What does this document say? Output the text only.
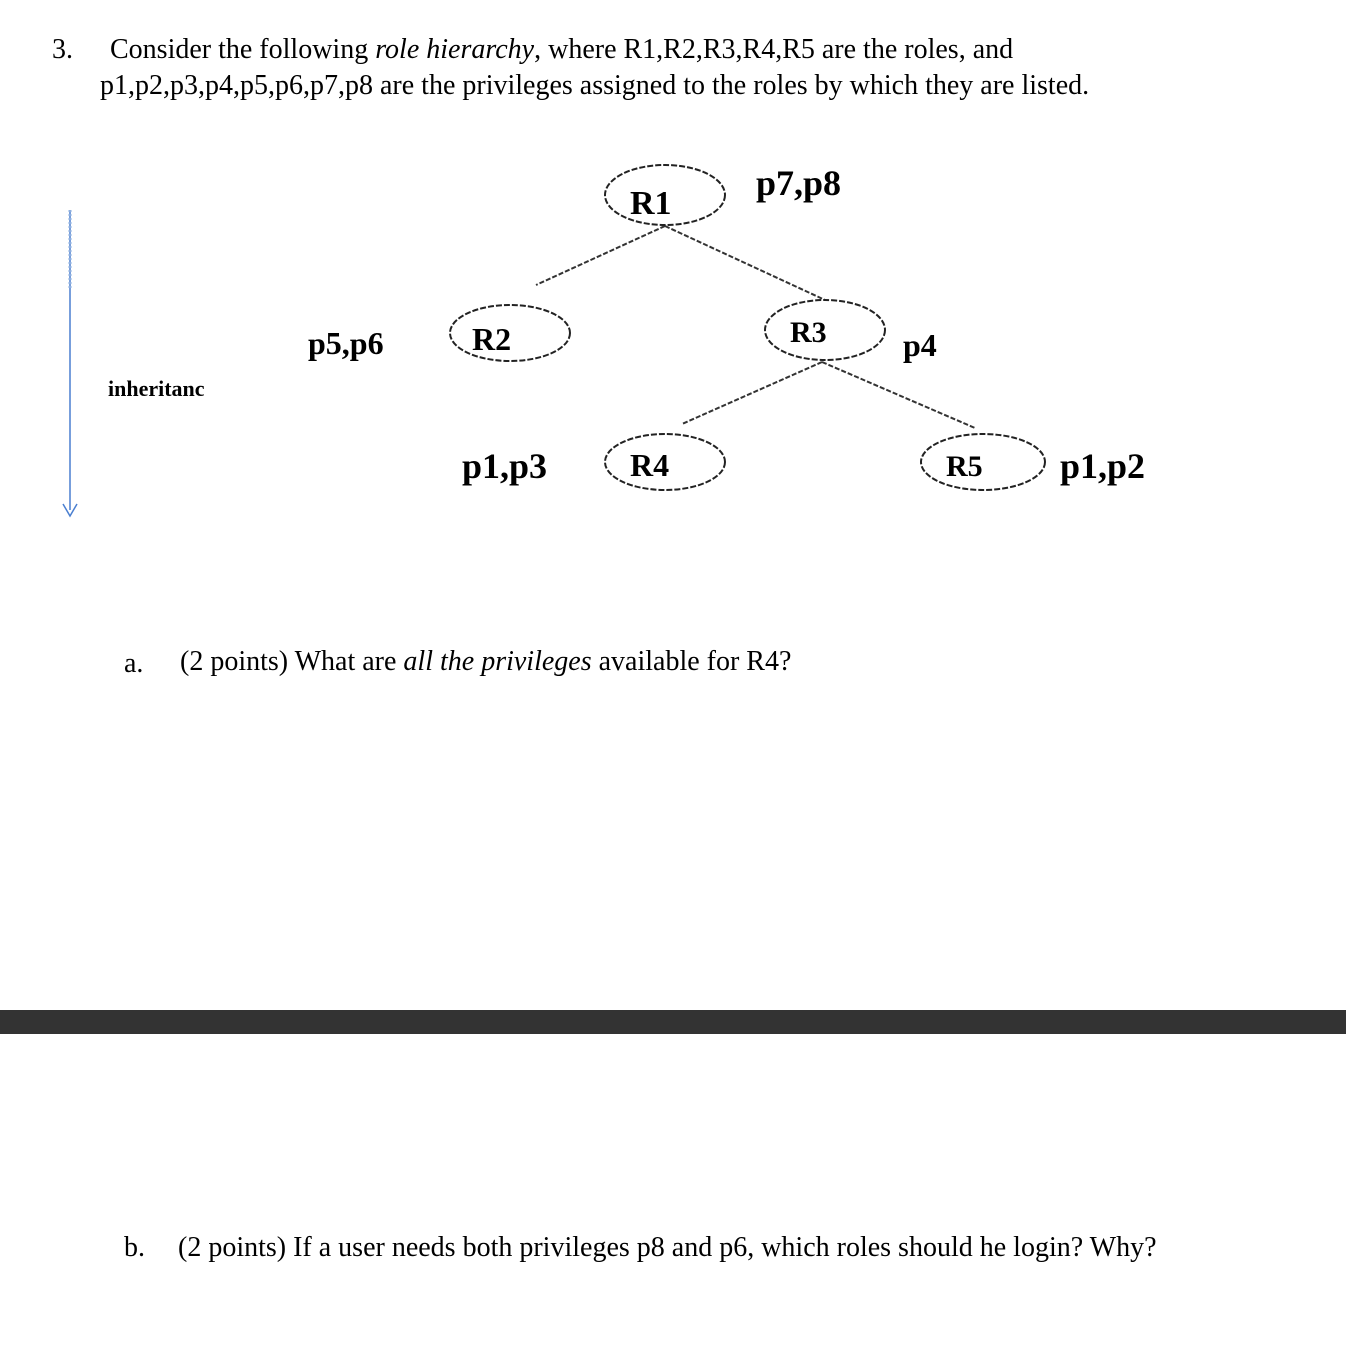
3. Consider the following role hierarchy, where R1,R2,R3,R4,R5 are the roles, and
p1,p2,p3,p4,p5,p6,p7,p8 are the privileges assigned to the roles by which they are listed.
inheritanc
R1
p7,p8
R2
p5,p6	R3 p4
R4
p1,p3	R5 p1,p2
a. (2 points) What are all the privileges available for R4?
b. (2 points) If a user needs both privileges p8 and p6, which roles should he login? Why?
